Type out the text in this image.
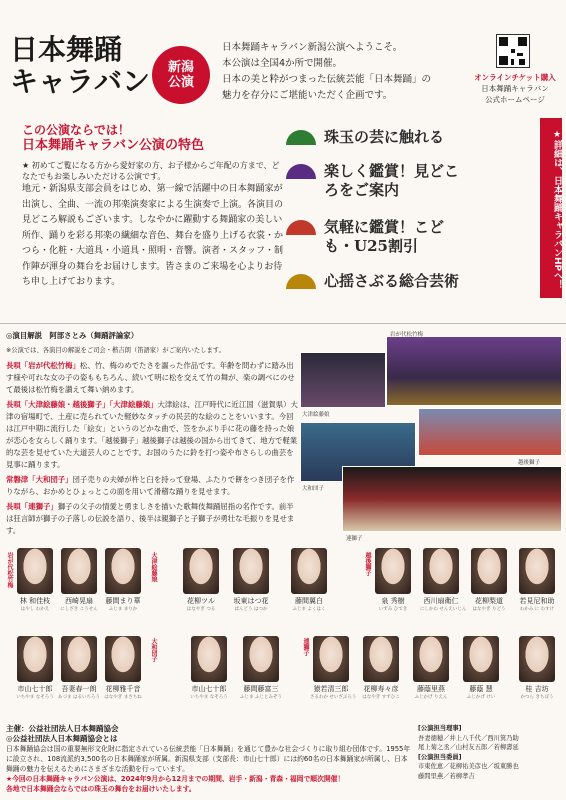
日本舞踊
キャラバン	新潟
公演
日本舞踊キャラバン新潟公演へようこそ。
本公演は全国4か所で開催。
日本の美と粋がつまった伝統芸能「日本舞踊」の
魅力を存分にご堪能いただく企画です。
オンラインチケット購入
日本舞踊キャラバン
公式ホームページ
この公演ならでは！
日本舞踊キャラバン公演の特色
★ 初めてご覧になる方から愛好家の方、お子様からご年配の方まで、どなたでもお楽しみいただける公演です。
地元・新潟県支部会員をはじめ、第一線で活躍中の日本舞踊家が出演し、全曲、一流の邦楽演奏家による生演奏で上演。各演目の見どころ解説もございます。しなやかに躍動する舞踊家の美しい所作、踊りを彩る邦楽の繊細な音色、舞台を盛り上げる衣裳・かつら・化粧・大道具・小道具・照明・音響。演者・スタッフ・制作陣が渾身の舞台をお届けします。皆さまのご来場を心よりお待ち申し上げております。
珠玉の芸に触れる
楽しく鑑賞！見どころをご案内
気軽に鑑賞！こども・U25割引
心揺さぶる総合芸術	★詳細は、日本舞踊キャラバンHPへ！

◎演目解説　阿部さとみ（舞踊評論家）

※公演では、各演目の解説をご司会・楷吉朗（笛語家）がご案内いたします。

長唄「岩が代松竹梅」松、竹、梅のめでたさを謳った作品です。年齢を問わずに踏み出す様や可れな女の子の姿ももちろん、続いて明に松を交えて竹の舞が、楽の調べにのせて最後は松竹梅を讃えて舞い納めます。

長唄「大津絵藤娘・越後獅子」「大津絵藤娘」大津絵は、江戸時代に近江国（滋賀県）大津の宿場町で、土産に売られていた軽妙なタッチの民芸的な絵のことをいいます。今回は江戸中期に流行した「絵女」というのどかな曲で、笠をかぶり手に花の藤を持った娘が恋心を女らしく踊ります。「越後獅子」越後獅子は越後の国から出てきて、地方で軽業的な芸を見せていた大道芸人のことです。お国のうたに鈴を打つ姿や布さらしの曲芸を見事に踊ります。

常磐津「大和団子」団子売りの夫婦が杵と臼を持って登場、ふたりで餅をつき団子を作りながら、おかめとひょっとこの面を用いて滑稽な踊りを見せます。

長唄「連獅子」獅子の父子の情愛と勇ましさを描いた歌舞伎舞踊屈指の名作です。前半は狂言師が獅子の子落しの伝説を語り、後半は親獅子と子獅子が勇壮な毛振りを見せます。

岩が代松竹梅
大津絵藤娘
越後獅子
大和団子
連獅子
岩が代松竹梅	大津絵藤娘	越後獅子
大和団子	連獅子
林 和佳枝
はやし わかえ
西崎晃扇
にしざき こうせん
藤間まり華
ふじま まりか
花柳ツル
はなやぎ つる
坂東はつ花
ばんどう はつか
藤間翼白
ふじま よくはく
泉 秀樹
いずみ ひでき
西川扇衛仁
にしかわ せんえいじん
花柳梨道
はなやぎ りどう
若見尼和助
わかみ に わすけ
市山七十郎
いちやま なそろう
吾妻春一朗
あづま はるいちろう
花柳雅千音
はなやぎ まさちね
市山七十郎
いちやま なそろう
藤間藤富三
ふじま ふじとみぞう
猿若清三郎
さるわか せいざぶろう
花柳寿々彦
はなやぎ すずひこ
藤蔭里燕
ふじかげ りえん
藤蔭 慧
ふじかげ けい
桂 吉坊
かつら きちぼう
主催：公益社団法人日本舞踊協会
◎公益社団法人日本舞踊協会とは
日本舞踊協会は国の重要無形文化財に指定されている伝統芸能「日本舞踊」を通じて豊かな社会づくりに取り組む団体です。1955年に設立され、108流派約3,500名の日本舞踊家が所属。新潟県支部（支部長：市山七十郎）には約60名の日本舞踊家が所属し、日本舞踊の魅力を伝えるためにさまざまな活動を行っています。
★今回の日本舞踊キャラバン公演は、2024年9月から12月までの期間、岩手・新潟・青森・福岡で順次開催！
各地で日本舞踊会ならではの珠玉の舞台をお届けいたします。
[公演担当理事]
吾妻徳穂／井上八千代／西川箕乃助
尾上菊之丞／山村友五郎／若柳壽延
[公演担当委員]
市東佐恵／花柳祐美彦也／坂東勝也
藤間里燕／若柳孝吉
